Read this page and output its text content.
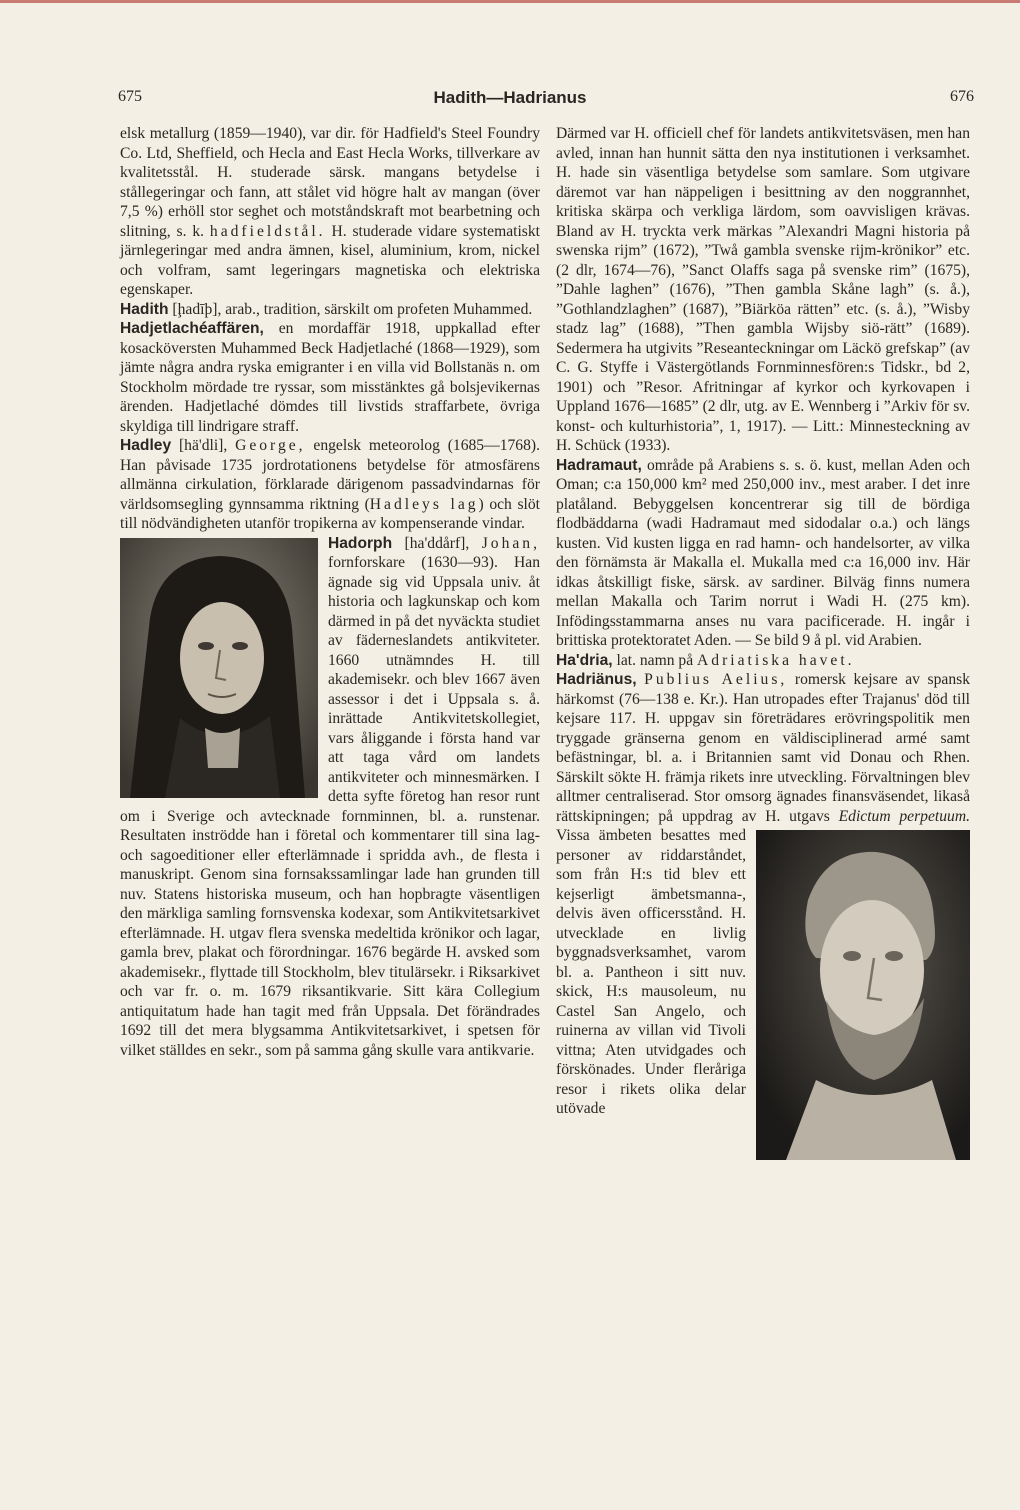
675	Hadith—Hadrianus	676

elsk metallurg (1859—1940), var dir. för Hadfield's Steel Foundry Co. Ltd, Sheffield, och Hecla and East Hecla Works, tillverkare av kvalitetsstål. H. studerade särsk. mangans betydelse i stållegeringar och fann, att stålet vid högre halt av mangan (över 7,5 %) erhöll stor seghet och motståndskraft mot bearbetning och slitning, s. k. hadfieldstål. H. studerade vidare systematiskt järnlegeringar med andra ämnen, kisel, aluminium, krom, nickel och volfram, samt legeringars magnetiska och elektriska egenskaper.

Hadith [ḩadīþ], arab., tradition, särskilt om profeten Muhammed.

Hadjetlachéaffären, en mordaffär 1918, uppkallad efter kosacköversten Muhammed Beck Hadjetlaché (1868—1929), som jämte några andra ryska emigranter i en villa vid Bollstanäs n. om Stockholm mördade tre ryssar, som misstänktes gå bolsjevikernas ärenden. Hadjetlaché dömdes till livstids straffarbete, övriga skyldiga till lindrigare straff.

Hadley [hä'dli], George, engelsk meteorolog (1685—1768). Han påvisade 1735 jordrotationens betydelse för atmosfärens allmänna cirkulation, förklarade därigenom passadvindarnas för världsomsegling gynnsamma riktning (Hadleys lag) och slöt till nödvändigheten utanför tropikerna av kompenserande vindar.

Hadorph [ha'ddårf], Johan,
fornforskare (1630—93). Han ägnade sig vid Uppsala univ. åt historia och lagkunskap och kom därmed in på det nyväckta studiet av fäderneslandets antikviteter. 1660 utnämndes H. till akademisekr. och blev 1667 även assessor i det i Uppsala s. å. inrättade Antikvitetskollegiet, vars åliggande i första hand var att taga vård om landets antikviteter och minnesmärken. I detta syfte företog han resor runt om i Sverige och avtecknade fornminnen, bl. a. runstenar. Resultaten inströdde han i företal och kommentarer till sina lag- och sagoeditioner eller efterlämnade i spridda avh., de flesta i manuskript. Genom sina fornsakssamlingar lade han grunden till nuv. Statens historiska museum, och han hopbragte väsentligen den märkliga samling fornsvenska kodexar, som Antikvitetsarkivet efterlämnade. H. utgav flera svenska medeltida krönikor och lagar, gamla brev, plakat och förordningar. 1676 begärde H. avsked som akademisekr., flyttade till Stockholm, blev titulärsekr. i Riksarkivet och var fr. o. m. 1679 riksantikvarie. Sitt kära Collegium antiquitatum hade han tagit med från Uppsala. Det förändrades 1692 till det mera blygsamma Antikvitetsarkivet, i spetsen för vilket ställdes en sekr., som på samma gång skulle vara antikvarie.

Därmed var H. officiell chef för landets antikvitetsväsen, men han avled, innan han hunnit sätta den nya institutionen i verksamhet. H. hade sin väsentliga betydelse som samlare. Som utgivare däremot var han näppeligen i besittning av den noggrannhet, kritiska skärpa och verkliga lärdom, som oavvisligen krävas. Bland av H. tryckta verk märkas ”Alexandri Magni historia på swenska rijm” (1672), ”Twå gambla svenske rijm-krönikor” etc. (2 dlr, 1674—76), ”Sanct Olaffs saga på svenske rim” (1675), ”Dahle laghen” (1676), ”Then gambla Skåne lagh” (s. å.), ”Gothlandzlaghen” (1687), ”Biärköa rätten” etc. (s. å.), ”Wisby stadz lag” (1688), ”Then gambla Wijsby siö-rätt” (1689). Sedermera ha utgivits ”Reseanteckningar om Läckö grefskap” (av C. G. Styffe i Västergötlands Fornminnesfören:s Tidskr., bd 2, 1901) och ”Resor. Afritningar af kyrkor och kyrkovapen i Uppland 1676—1685” (2 dlr, utg. av E. Wennberg i ”Arkiv för sv. konst- och kulturhistoria”, 1, 1917). — Litt.: Minnesteckning av H. Schück (1933).

Hadramaut, område på Arabiens s. s. ö. kust, mellan Aden och Oman; c:a 150,000 km² med 250,000 inv., mest araber. I det inre platåland. Bebyggelsen koncentrerar sig till de bördiga flodbäddarna (wadi Hadramaut med sidodalar o.a.) och längs kusten. Vid kusten ligga en rad hamn- och handelsorter, av vilka den förnämsta är Makalla el. Mukalla med c:a 16,000 inv. Här idkas åtskilligt fiske, särsk. av sardiner. Bilväg finns numera mellan Makalla och Tarim norrut i Wadi H. (275 km). Infödingsstammarna anses nu vara pacificerade. H. ingår i brittiska protektoratet Aden. — Se bild 9 å pl. vid Arabien.

Ha'dria, lat. namn på Adriatiska havet.

Hadriänus, Publius Aelius, romersk kejsare av spansk härkomst (76—138 e. Kr.). Han utropades efter Trajanus' död till kejsare 117. H. uppgav sin företrädares erövringspolitik men tryggade gränserna genom en väldisciplinerad armé samt befästningar, bl. a. i Britannien samt vid Donau och Rhen. Särskilt sökte H. främja rikets inre utveckling. Förvaltningen blev alltmer centraliserad. Stor omsorg ägnades finansväsendet, likaså rättskipningen; på uppdrag av H. utgavs Edictum perpetuum. Vissa ämbeten besattes med personer av riddarståndet, som från H:s tid blev ett kejserligt ämbetsmanna-, delvis även officersstånd. H. utvecklade en livlig byggnadsverksamhet, varom bl. a. Pantheon i sitt nuv. skick, H:s mausoleum, nu Castel San Angelo, och ruinerna av villan vid Tivoli vittna; Aten utvidgades och förskönades. Under fleråriga resor i rikets olika delar utövade
